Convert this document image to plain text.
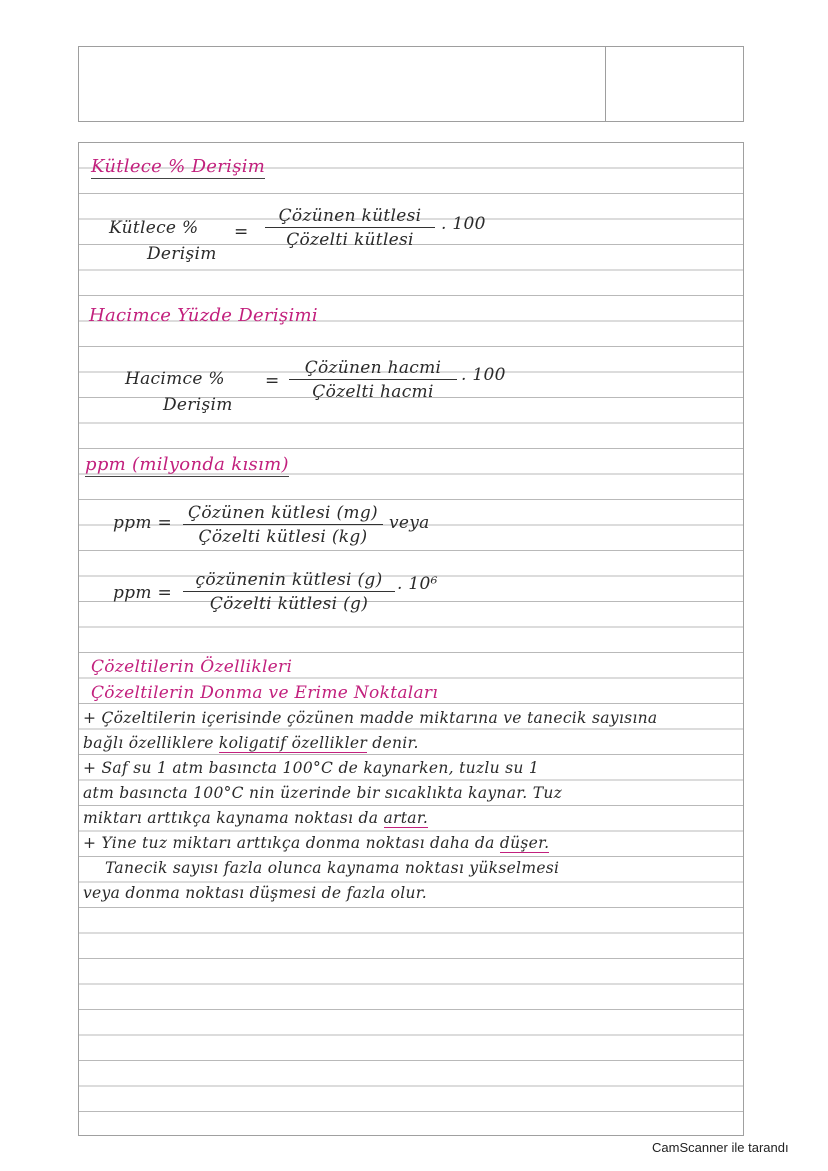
Kütlece % Derişim
Kütlece %
Derişim
=
Çözünen kütlesi
Çözelti kütlesi
. 100
Hacimce Yüzde Derişimi
Hacimce %
Derişim
=
Çözünen hacmi
Çözelti hacmi
. 100
ppm (milyonda kısım)
ppm = Çözünen kütlesi (mg)
Çözelti kütlesi (kg)
veya
ppm =
çözünenin kütlesi (g)
Çözelti kütlesi (g)
. 10⁶
Çözeltilerin Özellikleri
Çözeltilerin Donma ve Erime Noktaları
+ Çözeltilerin içerisinde çözünen madde miktarına ve tanecik sayısına
bağlı özelliklere koligatif özellikler denir.
+ Saf su 1 atm basıncta 100°C de kaynarken, tuzlu su 1
atm basıncta 100°C nin üzerinde bir sıcaklıkta kaynar. Tuz
miktarı arttıkça kaynama noktası da artar.
+ Yine tuz miktarı arttıkça donma noktası daha da düşer.
Tanecik sayısı fazla olunca kaynama noktası yükselmesi
veya donma noktası düşmesi de fazla olur.
CamScanner ile tarandı
